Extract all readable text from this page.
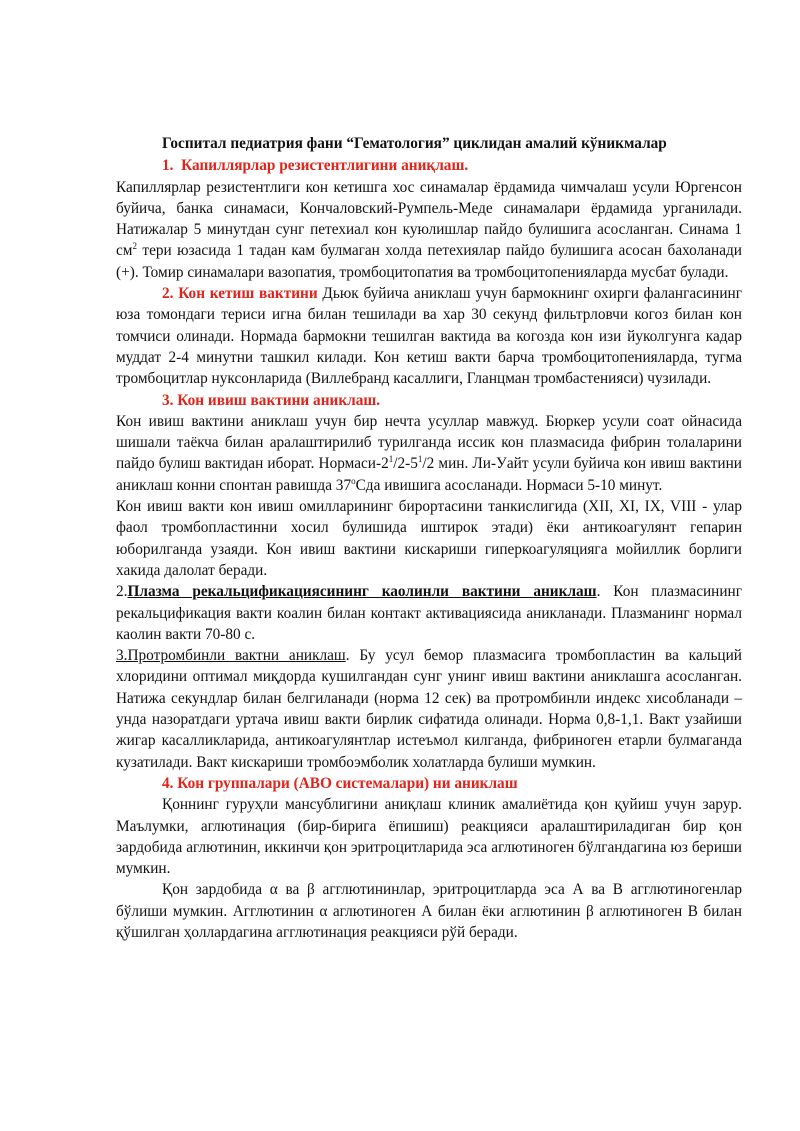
Госпитал педиатрия фани “Гематология” циклидан амалий кўникмалар

1.  Капиллярлар резистентлигини аниқлаш.

Капиллярлар резистентлиги кон кетишга хос синамалар ёрдамида чимчалаш усули Юргенсон буйича, банка синамаси, Кончаловский-Румпель-Меде синамалари ёрдамида урганилади. Натижалар 5 минутдан сунг петехиал кон куюлишлар пайдо булишига асосланган. Синама 1 $см^2$ тери юзасида 1 тадан кам булмаган холда петехиялар пайдо булишига асосан бахоланади (+). Томир синамалари вазопатия, тромбоцитопатия ва тромбоцитопенияларда мусбат булади.

2. Кон кетиш вактини Дьюк буйича аниклаш учун бармокнинг охирги фалангасининг юза томондаги териси игна билан тешилади ва хар 30 секунд фильтрловчи когоз билан кон томчиси олинади. Нормада бармокни тешилган вактида ва когозда кон изи йуколгунга кадар муддат 2-4 минутни ташкил килади. Кон кетиш вакти барча тромбоцитопенияларда, тугма тромбоцитлар нуксонларида (Виллебранд касаллиги, Гланцман тромбастенияси) чузилади.

3. Кон ивиш вактини аниклаш.

Кон ивиш вактини аниклаш учун бир нечта усуллар мавжуд. Бюркер усули соат ойнасида шишали таёкча билан аралаштирилиб турилганда иссик кон плазмасида фибрин толаларини пайдо булиш вактидан иборат. Нормаси-$2^1/2-5^1/2$ мин. Ли-Уайт усули буйича кон ивиш вактини аниклаш конни спонтан равишда $37^оСда$ ивишига асосланади. Нормаси 5-10 минут.

Кон ивиш вакти кон ивиш омилларининг бирортасини танкислигида (XII, XI, IX, VIII - улар фаол тромбопластинни хосил булишида иштирок этади) ёки антикоагулянт гепарин юборилганда узаяди. Кон ивиш вактини кискариши гиперкоагуляцияга мойиллик борлиги хакида далолат беради.

2.Плазма рекальцификациясининг каолинли вактини аниклаш. Кон плазмасининг рекальцификация вакти коалин билан контакт активациясида аникланади. Плазманинг нормал каолин вакти 70-80 с.

3.Протромбинли вактни аниклаш. Бу усул бемор плазмасига тромбопластин ва кальций хлоридини оптимал миқдорда кушилгандан сунг унинг ивиш вактини аниклашга асосланган. Натижа секундлар билан белгиланади (норма 12 сек) ва протромбинли индекс хисобланади – унда назоратдаги уртача ивиш вакти бирлик сифатида олинади. Норма 0,8-1,1. Вакт узайиши жигар касалликларида, антикоагулянтлар истеъмол килганда, фибриноген етарли булмаганда кузатилади. Вакт кискариши тромбоэмболик холатларда булиши мумкин.

4. Кон группалари (АВО системалари) ни аниклаш

Қоннинг гуруҳли мансублигини аниқлаш клиник амалиётида қон қуйиш учун зарур. Маълумки, аглютинация (бир-бирига ёпишиш) реакцияси аралаштириладиган бир қон зардобида аглютинин, иккинчи қон эритроцитларида эса аглютиноген бўлгандагина юз бериши мумкин.

Қон зардобида α ва β агглютининлар, эритроцитларда эса А ва В агглютиногенлар бўлиши мумкин. Агглютинин α аглютиноген А билан ёки аглютинин β аглютиноген В билан қўшилган ҳоллардагина агглютинация реакцияси рўй беради.
